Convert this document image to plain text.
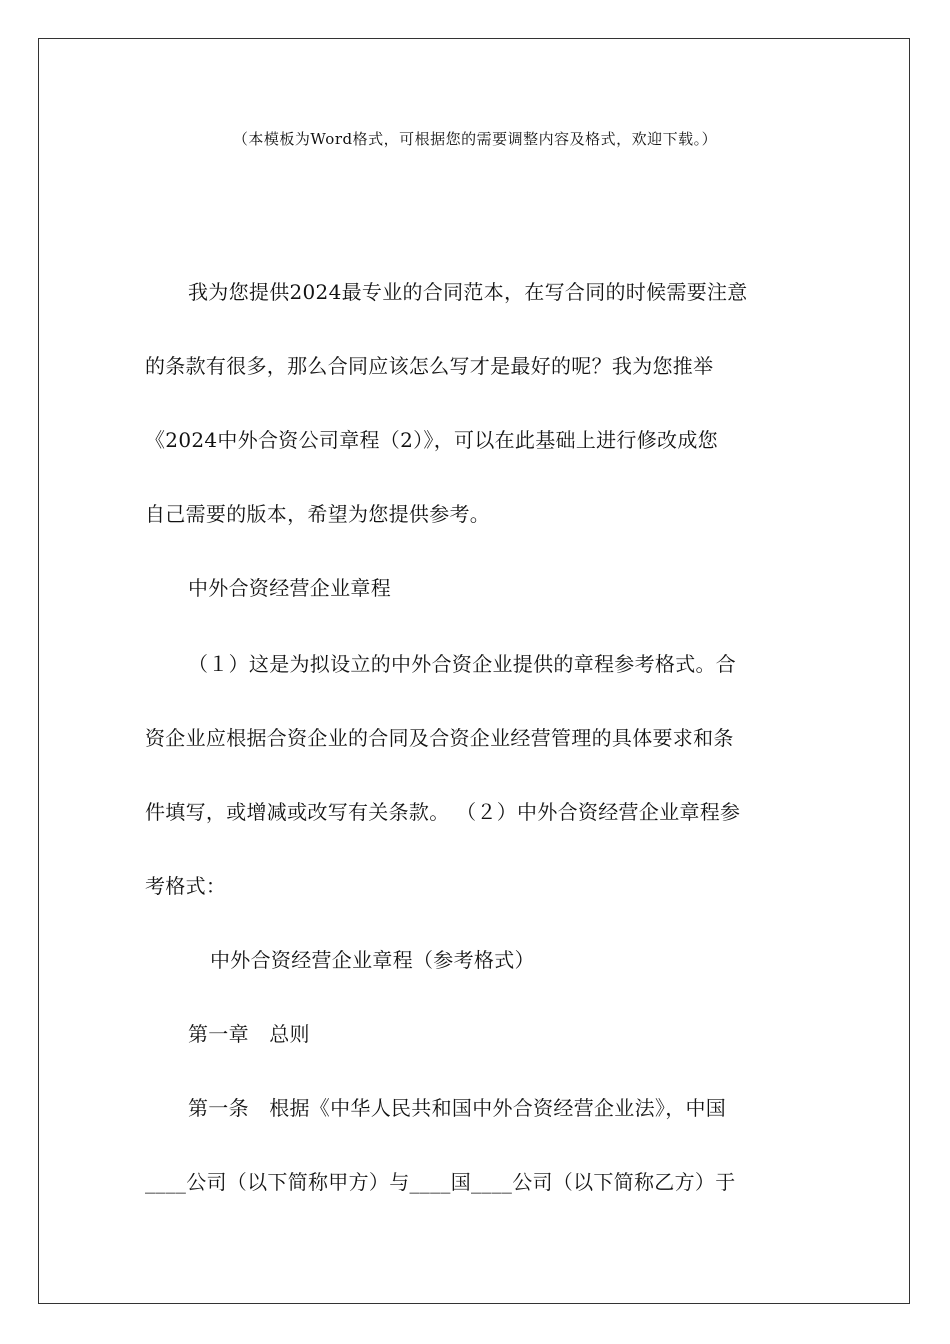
（本模板为Word格式，可根据您的需要调整内容及格式，欢迎下载。）
我为您提供2024最专业的合同范本，在写合同的时候需要注意
的条款有很多，那么合同应该怎么写才是最好的呢？我为您推举
《2024中外合资公司章程（2）》，可以在此基础上进行修改成您
自己需要的版本，希望为您提供参考。
中外合资经营企业章程
（１）这是为拟设立的中外合资企业提供的章程参考格式。合
资企业应根据合资企业的合同及合资企业经营管理的具体要求和条
件填写，或增减或改写有关条款。 （２）中外合资经营企业章程参
考格式：
中外合资经营企业章程（参考格式）
第一章　总则
第一条　根据《中华人民共和国中外合资经营企业法》，中国
____公司（以下简称甲方）与____国____公司（以下简称乙方）于
